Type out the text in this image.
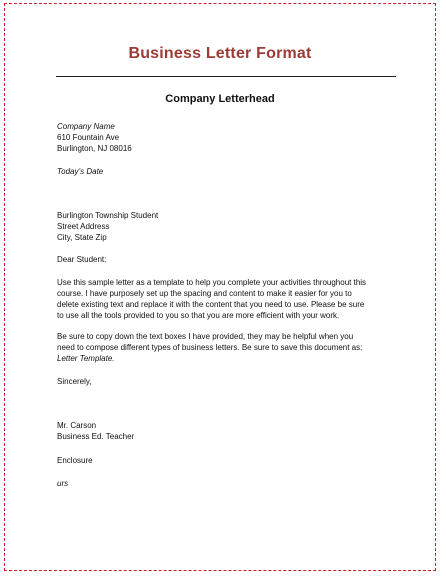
Business Letter Format
Company Letterhead
Company Name
610 Fountain Ave
Burlington, NJ 08016
Today’s Date
Burlington Township Student
Street Address
City, State Zip
Dear Student:
Use this sample letter as a template to help you complete your activities throughout this
course. I have purposely set up the spacing and content to make it easier for you to
delete existing text and replace it with the content that you need to use. Please be sure
to use all the tools provided to you so that you are more efficient with your work.
Be sure to copy down the text boxes I have provided, they may be helpful when you
need to compose different types of business letters. Be sure to save this document as:
Letter Template.
Sincerely,
Mr. Carson
Business Ed. Teacher
Enclosure
urs
